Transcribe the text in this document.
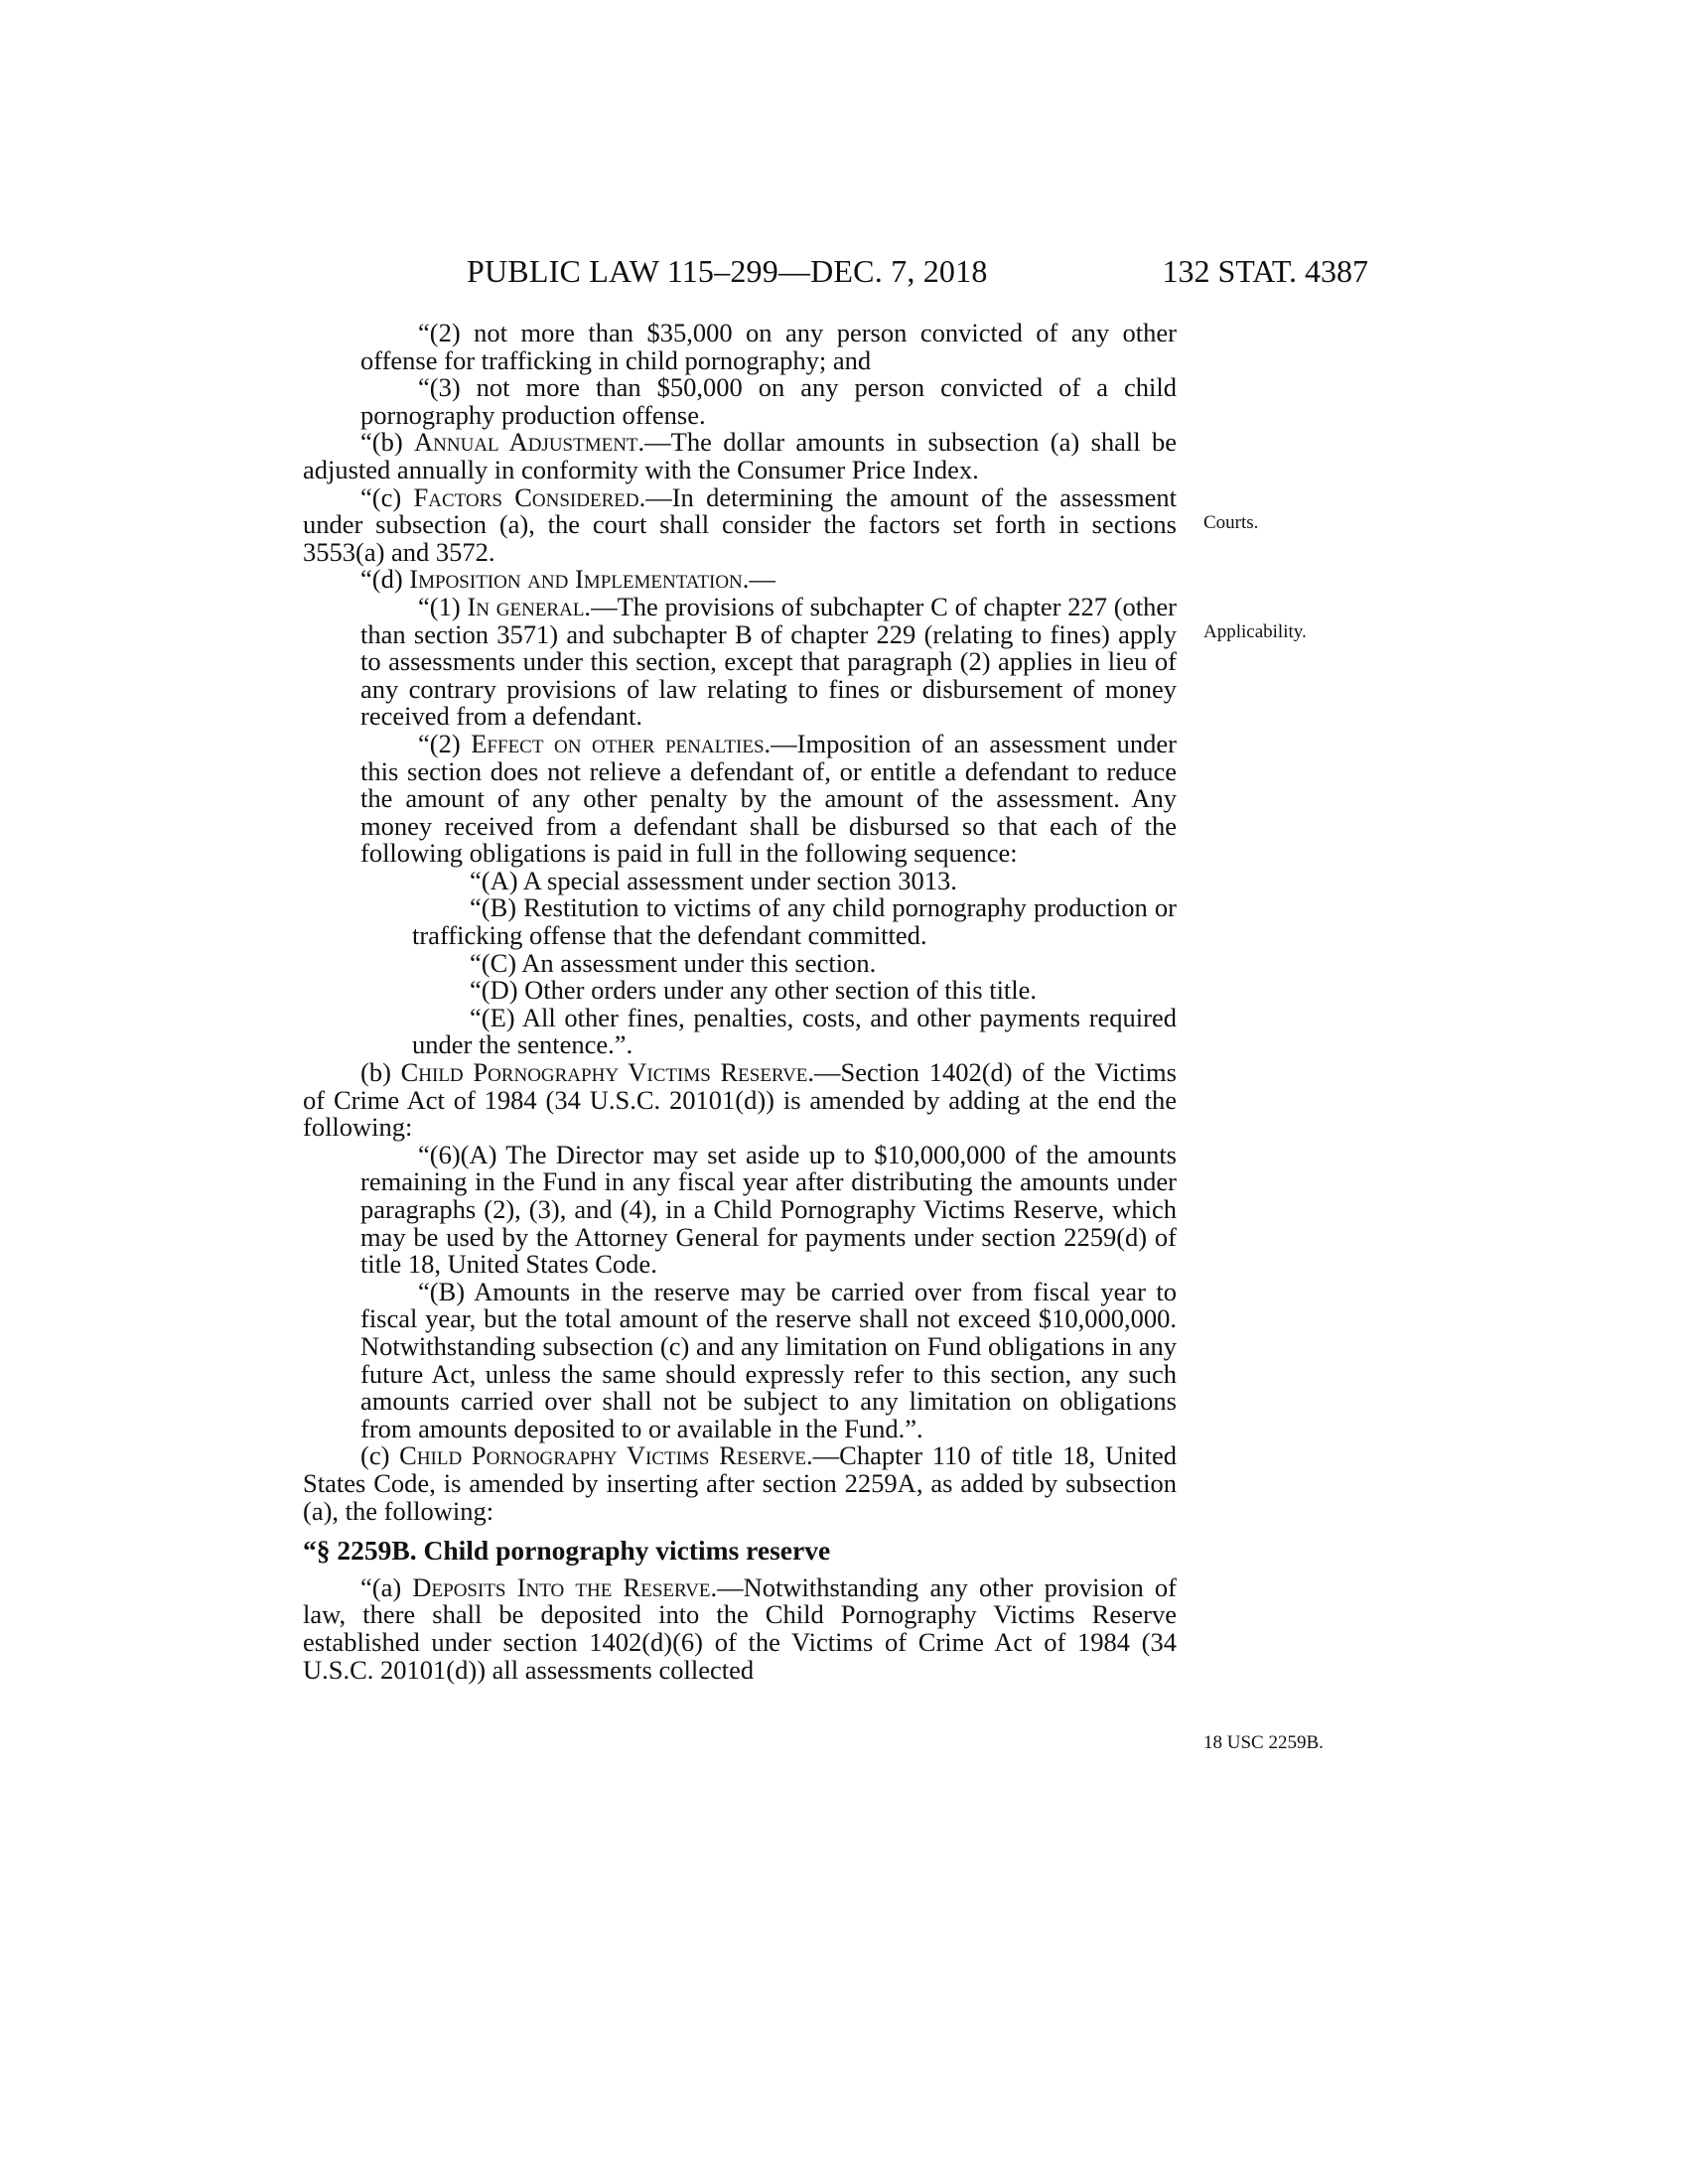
PUBLIC LAW 115–299—DEC. 7, 2018	132 STAT. 4387

“(2) not more than $35,000 on any person convicted of any other offense for trafficking in child pornography; and

“(3) not more than $50,000 on any person convicted of a child pornography production offense.

“(b) Annual Adjustment.—The dollar amounts in subsection (a) shall be adjusted annually in conformity with the Consumer Price Index.

“(c) Factors Considered.—In determining the amount of the assessment under subsection (a), the court shall consider the factors set forth in sections 3553(a) and 3572.

“(d) Imposition and Implementation.—

“(1) In general.—The provisions of subchapter C of chapter 227 (other than section 3571) and subchapter B of chapter 229 (relating to fines) apply to assessments under this section, except that paragraph (2) applies in lieu of any contrary provisions of law relating to fines or disbursement of money received from a defendant.

“(2) Effect on other penalties.—Imposition of an assessment under this section does not relieve a defendant of, or entitle a defendant to reduce the amount of any other penalty by the amount of the assessment. Any money received from a defendant shall be disbursed so that each of the following obligations is paid in full in the following sequence:

“(A) A special assessment under section 3013.

“(B) Restitution to victims of any child pornography production or trafficking offense that the defendant committed.

“(C) An assessment under this section.

“(D) Other orders under any other section of this title.

“(E) All other fines, penalties, costs, and other payments required under the sentence.”.

(b) Child Pornography Victims Reserve.—Section 1402(d) of the Victims of Crime Act of 1984 (34 U.S.C. 20101(d)) is amended by adding at the end the following:

“(6)(A) The Director may set aside up to $10,000,000 of the amounts remaining in the Fund in any fiscal year after distributing the amounts under paragraphs (2), (3), and (4), in a Child Pornography Victims Reserve, which may be used by the Attorney General for payments under section 2259(d) of title 18, United States Code.

“(B) Amounts in the reserve may be carried over from fiscal year to fiscal year, but the total amount of the reserve shall not exceed $10,000,000. Notwithstanding subsection (c) and any limitation on Fund obligations in any future Act, unless the same should expressly refer to this section, any such amounts carried over shall not be subject to any limitation on obligations from amounts deposited to or available in the Fund.”.

(c) Child Pornography Victims Reserve.—Chapter 110 of title 18, United States Code, is amended by inserting after section 2259A, as added by subsection (a), the following:

“§ 2259B. Child pornography victims reserve

“(a) Deposits Into the Reserve.—Notwithstanding any other provision of law, there shall be deposited into the Child Pornography Victims Reserve established under section 1402(d)(6) of the Victims of Crime Act of 1984 (34 U.S.C. 20101(d)) all assessments collected

Courts.
Applicability.
18 USC 2259B.
